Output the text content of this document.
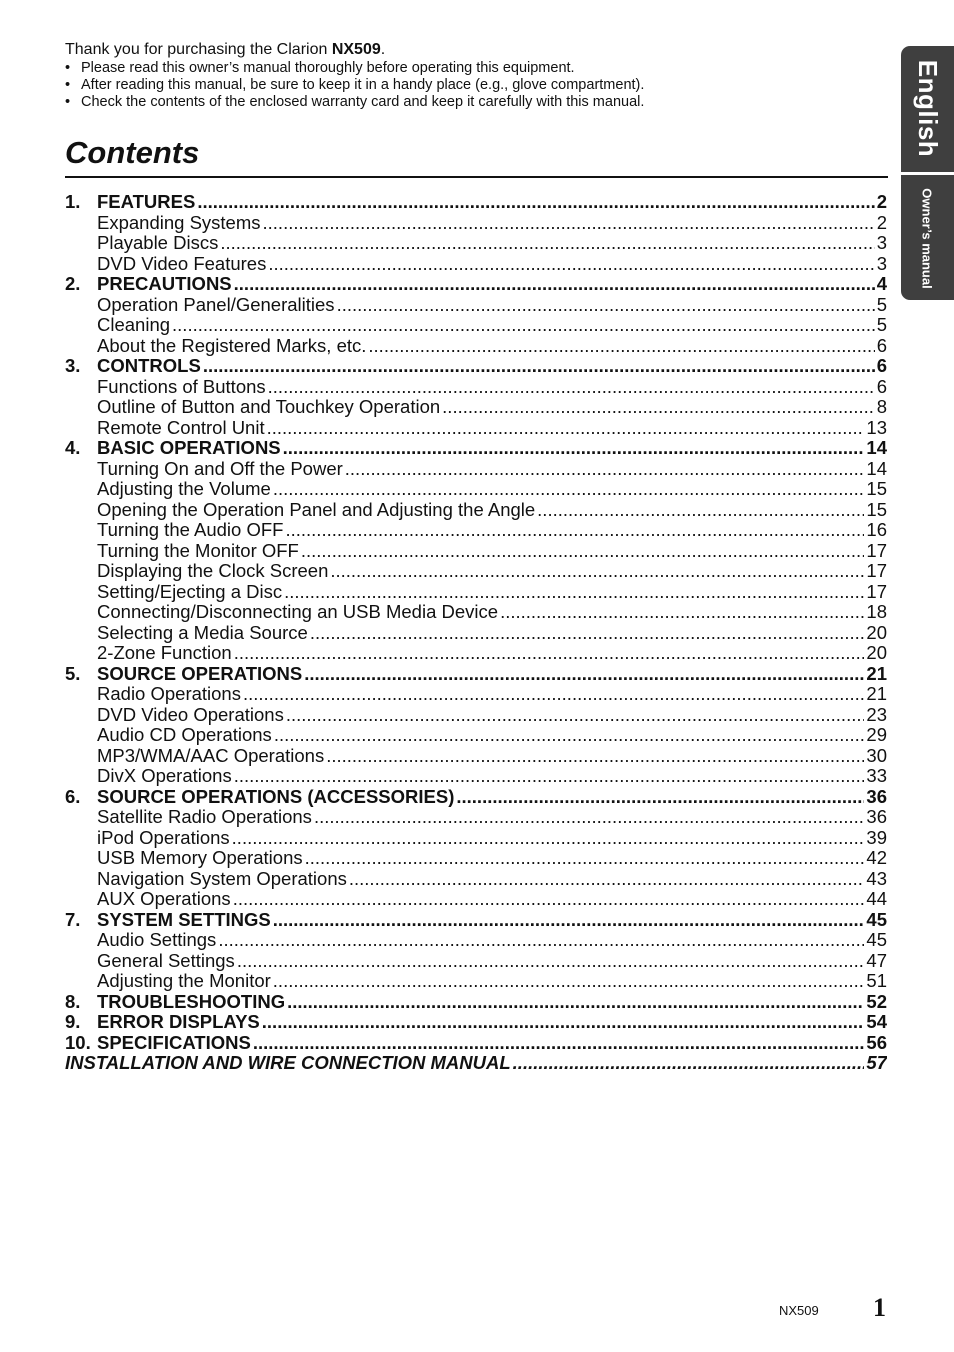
Thank you for purchasing the Clarion NX509.

• Please read this owner’s manual thoroughly before operating this equipment.
• After reading this manual, be sure to keep it in a handy place (e.g., glove compartment).
• Check the contents of the enclosed warranty card and keep it carefully with this manual.
Contents
1. FEATURES .....	2
Expanding Systems .....	2
Playable Discs .....	3
DVD Video Features .....	3
2. PRECAUTIONS .....	4
Operation Panel/Generalities .....	5
Cleaning .....	5
About the Registered Marks, etc. .....	6
3. CONTROLS .....	6
Functions of Buttons .....	6
Outline of Button and Touchkey Operation .....	8
Remote Control Unit .....	13
4. BASIC OPERATIONS .....	14
Turning On and Off the Power .....	14
Adjusting the Volume .....	15
Opening the Operation Panel and Adjusting the Angle .....	15
Turning the Audio OFF .....	16
Turning the Monitor OFF .....	17
Displaying the Clock Screen .....	17
Setting/Ejecting a Disc .....	17
Connecting/Disconnecting an USB Media Device .....	18
Selecting a Media Source .....	20
2-Zone Function .....	20
5. SOURCE OPERATIONS .....	21
Radio Operations .....	21
DVD Video Operations .....	23
Audio CD Operations .....	29
MP3/WMA/AAC Operations .....	30
DivX Operations .....	33
6. SOURCE OPERATIONS (ACCESSORIES) .....	36
Satellite Radio Operations .....	36
iPod Operations .....	39
USB Memory Operations .....	42
Navigation System Operations .....	43
AUX Operations .....	44
7. SYSTEM SETTINGS .....	45
Audio Settings .....	45
General Settings .....	47
Adjusting the Monitor .....	51
8. TROUBLESHOOTING .....	52
9. ERROR DISPLAYS .....	54
10. SPECIFICATIONS .....	56
INSTALLATION AND WIRE CONNECTION MANUAL .....	57
English
Owner’s manual
NX509 1
